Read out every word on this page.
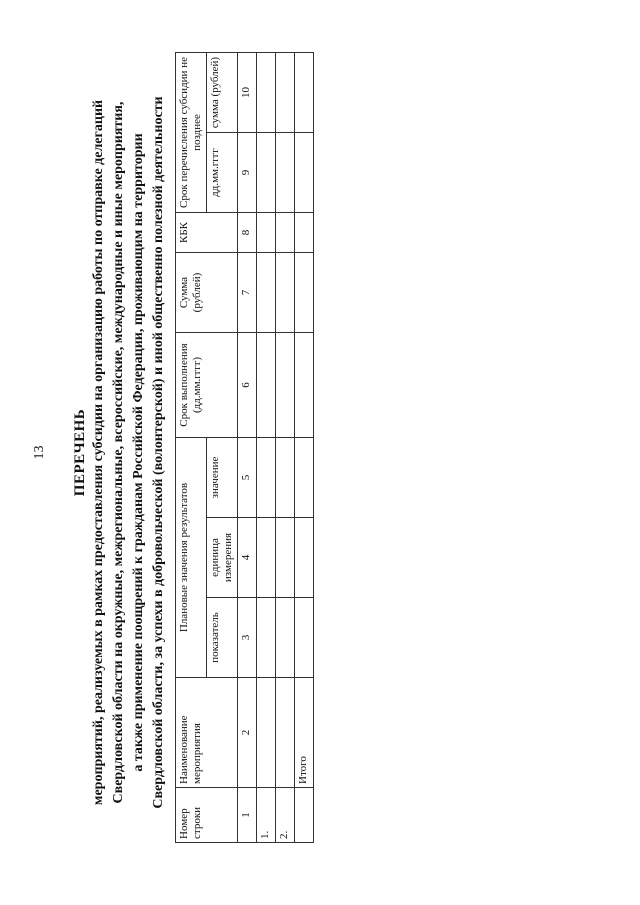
13 ПЕРЕЧЕНЬ мероприятий, реализуемых в рамках предоставления субсидии на организацию работы по отправке делегаций Свердловской области на окружные, межрегиональные, всероссийские, международные и иные мероприятия, а также применение поощрений к гражданам Российской Федерации, проживающим на территории Свердловской области, за успехи в добровольческой (волонтерской) и иной общественно полезной деятельности
Номер строки	Наименование мероприятия	Плановые значения результатов			Срок выполнения (дд.мм.гггг)	Сумма (рублей)	КБК	Срок перечисления субсидии не позднее	
		показатель	единица измерения	значение				дд.мм.гггг	сумма (рублей)
1	2	3	4	5	6	7	8	9	10
1.									
2.									
	Итого								
